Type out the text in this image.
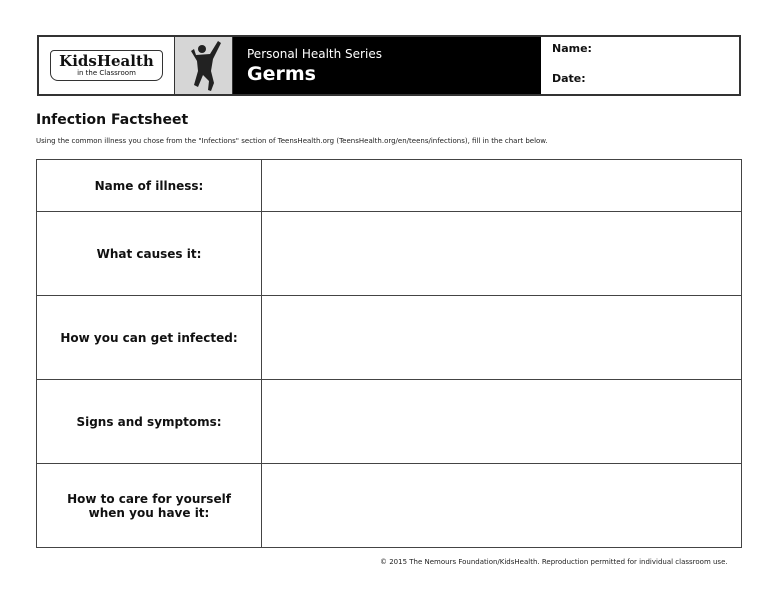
KidsHealth
in the Classroom
Personal Health Series
Germs
Name:
Date:
Infection Factsheet
Using the common illness you chose from the "Infections" section of TeensHealth.org (TeensHealth.org/en/teens/infections), fill in the chart below.
Name of illness:	
What causes it:	
How you can get infected:	
Signs and symptoms:	
How to care for yourself when you have it:	
© 2015 The Nemours Foundation/KidsHealth. Reproduction permitted for individual classroom use.
